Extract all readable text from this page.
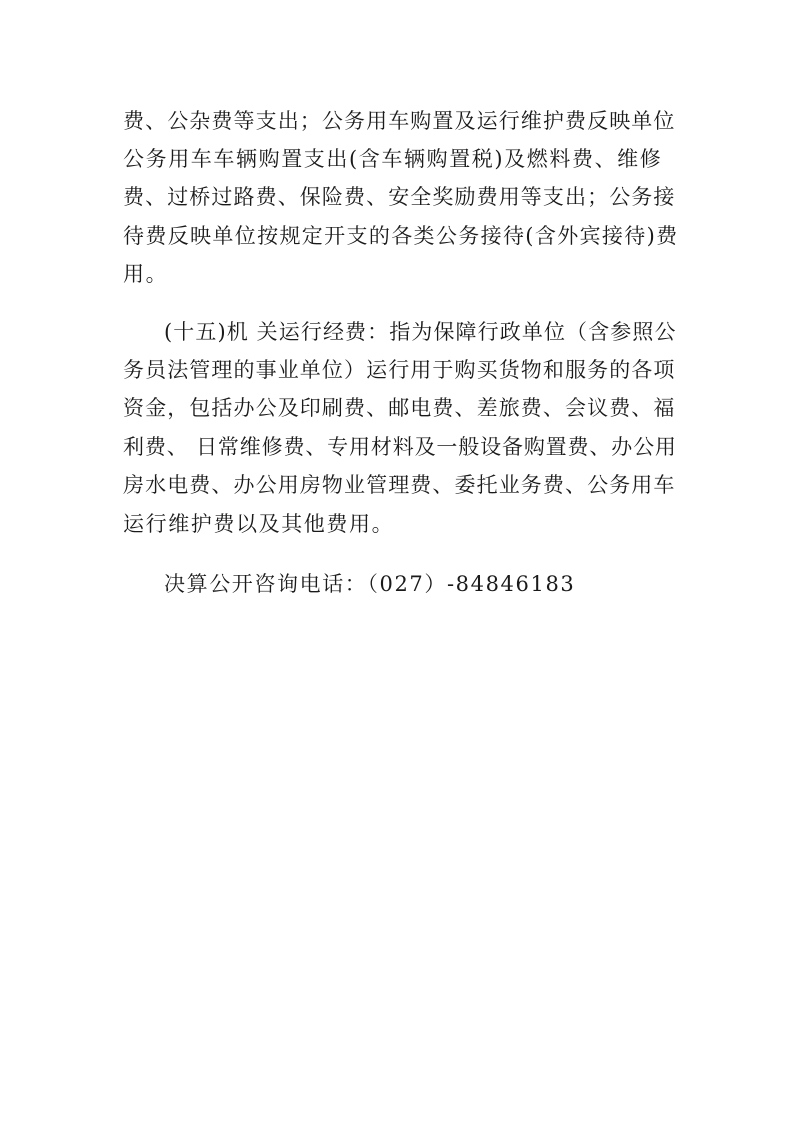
费、公杂费等支出；公务用车购置及运行维护费反映单位
公务用车车辆购置支出(含车辆购置税)及燃料费、维修
费、过桥过路费、保险费、安全奖励费用等支出；公务接
待费反映单位按规定开支的各类公务接待(含外宾接待)费
用。
(十五)机 关运行经费：指为保障行政单位（含参照公
务员法管理的事业单位）运行用于购买货物和服务的各项
资金，包括办公及印刷费、邮电费、差旅费、会议费、福
利费、 日常维修费、专用材料及一般设备购置费、办公用
房水电费、办公用房物业管理费、委托业务费、公务用车
运行维护费以及其他费用。
决算公开咨询电话：（027）-84846183
